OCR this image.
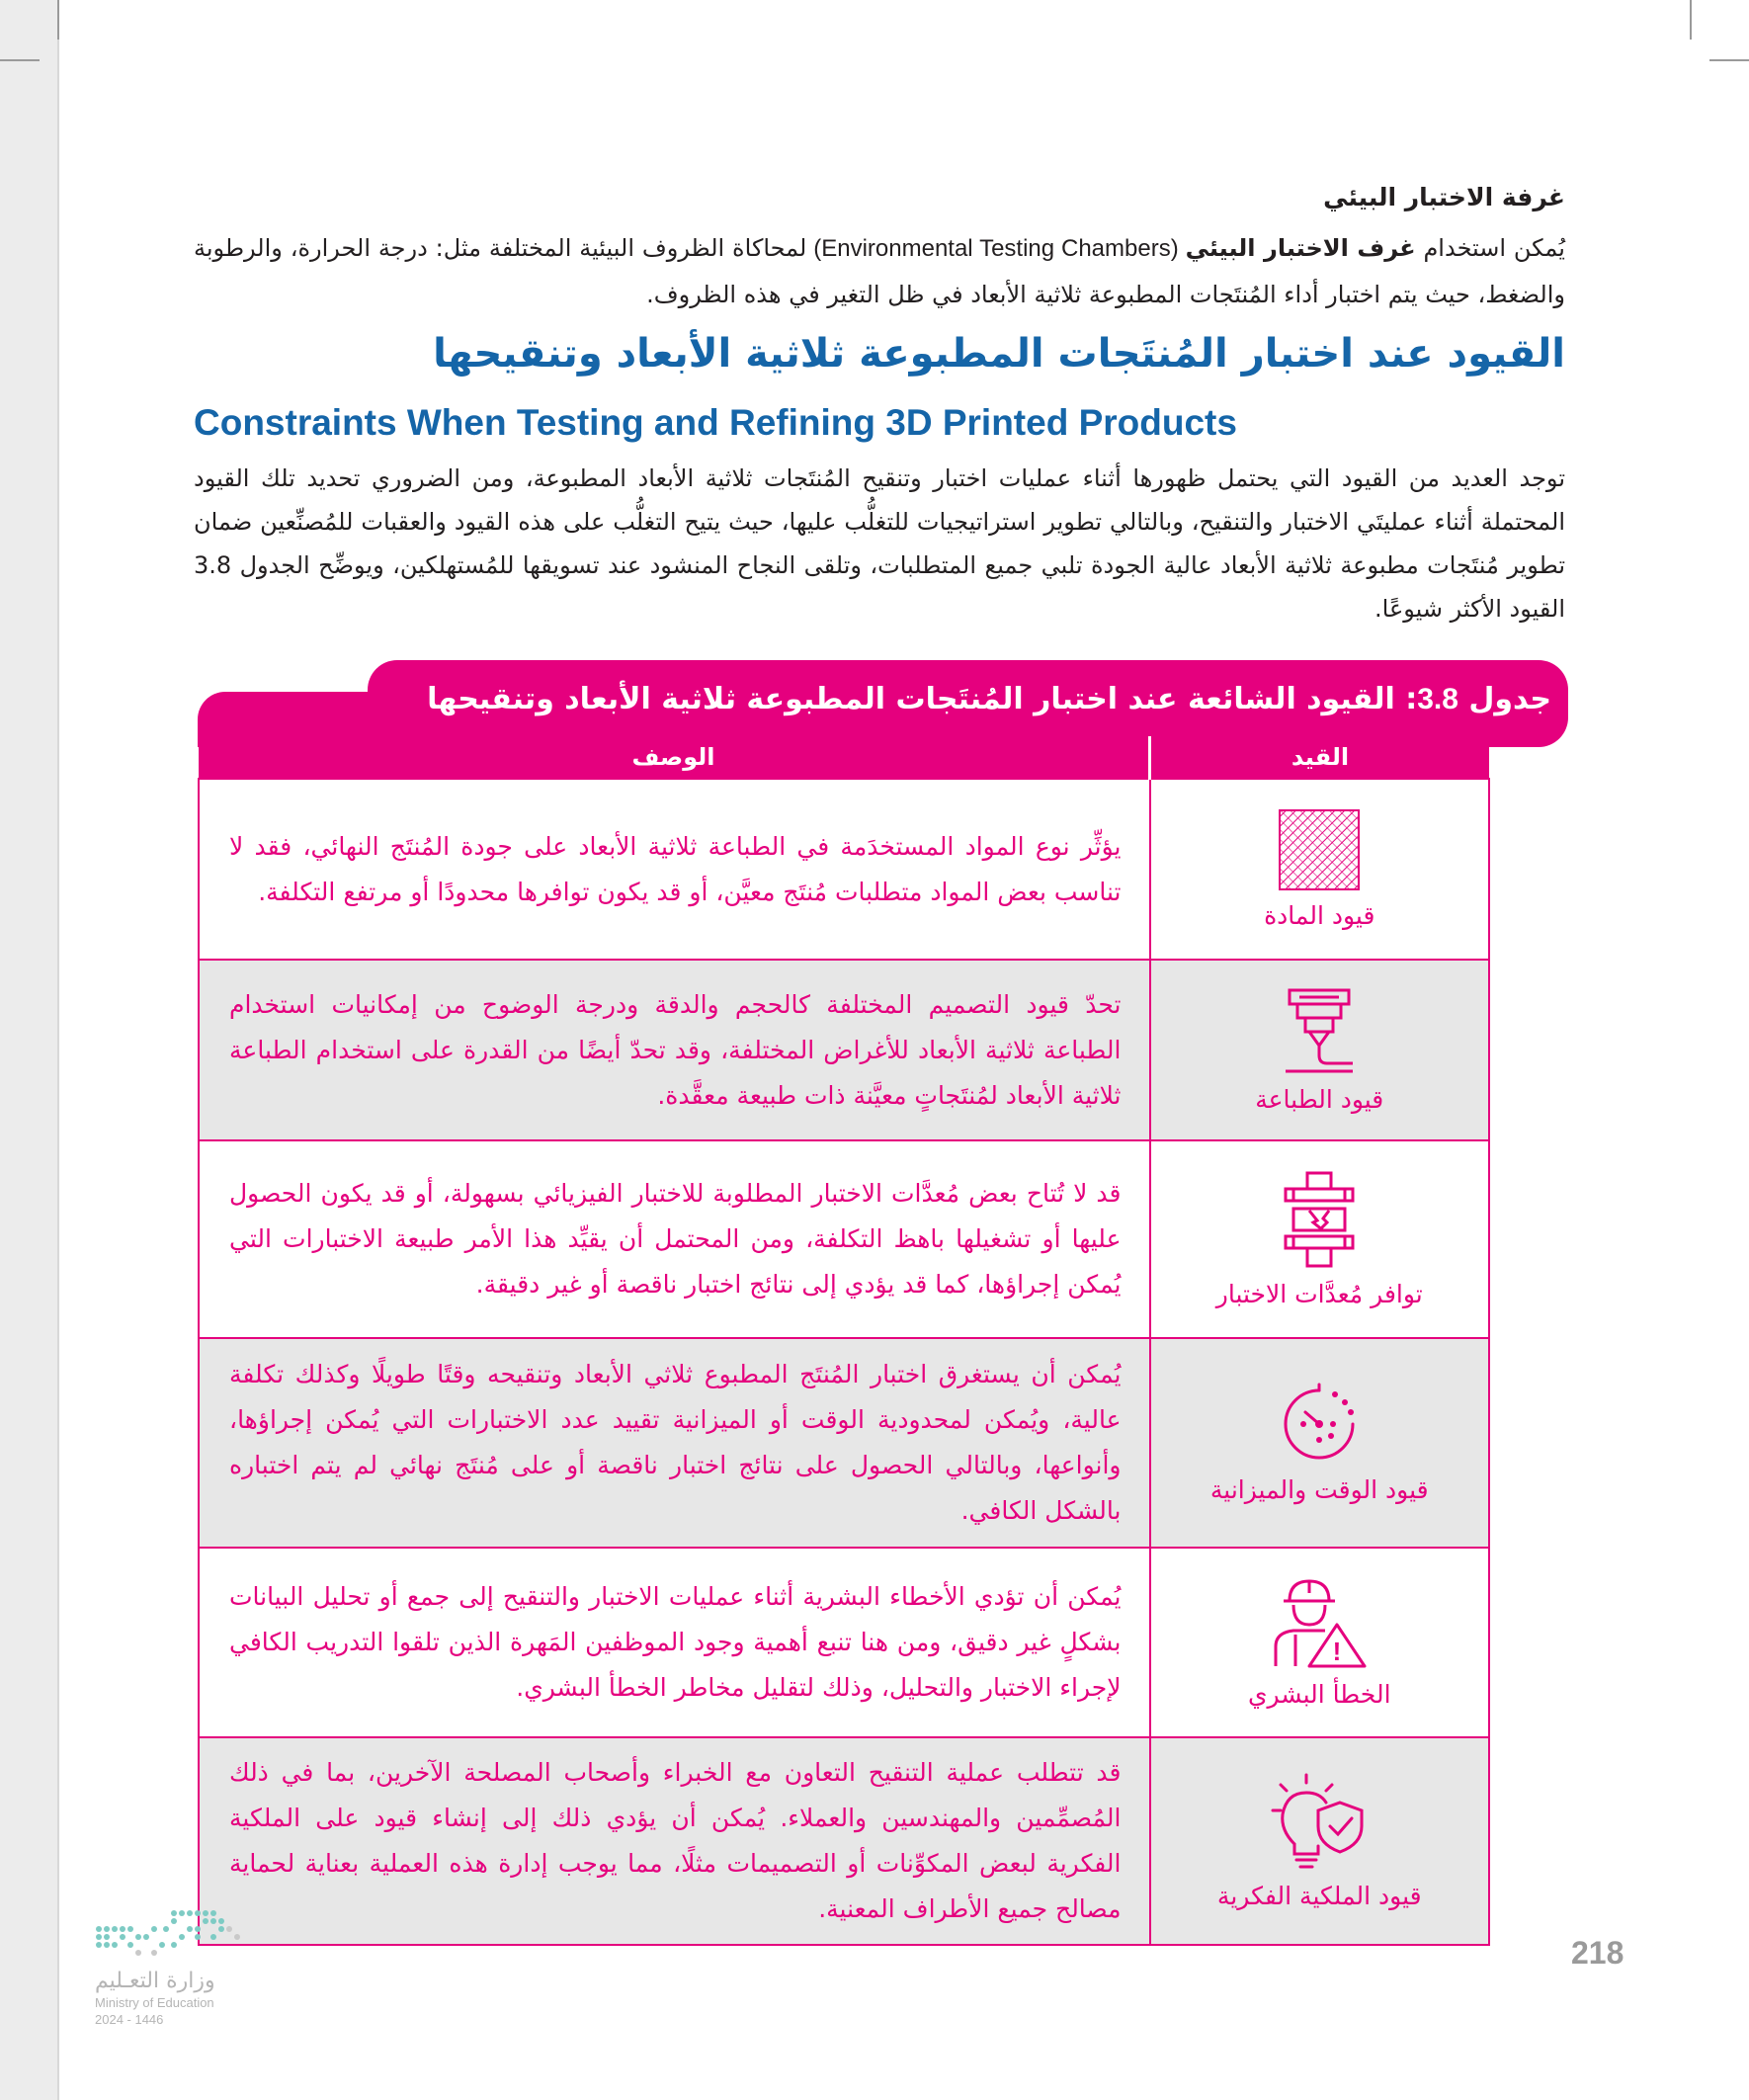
غرفة الاختبار البيئي
يُمكن استخدام غرف الاختبار البيئي (Environmental Testing Chambers) لمحاكاة الظروف البيئية المختلفة مثل: درجة الحرارة، والرطوبة والضغط، حيث يتم اختبار أداء المُنتَجات المطبوعة ثلاثية الأبعاد في ظل التغير في هذه الظروف.
القيود عند اختبار المُنتَجات المطبوعة ثلاثية الأبعاد وتنقيحها
Constraints When Testing and Refining 3D Printed Products
توجد العديد من القيود التي يحتمل ظهورها أثناء عمليات اختبار وتنقيح المُنتَجات ثلاثية الأبعاد المطبوعة، ومن الضروري تحديد تلك القيود المحتملة أثناء عمليتَي الاختبار والتنقيح، وبالتالي تطوير استراتيجيات للتغلُّب عليها، حيث يتيح التغلُّب على هذه القيود والعقبات للمُصنِّعين ضمان تطوير مُنتَجات مطبوعة ثلاثية الأبعاد عالية الجودة تلبي جميع المتطلبات، وتلقى النجاح المنشود عند تسويقها للمُستهلكين، ويوضِّح الجدول 3.8 القيود الأكثر شيوعًا.
جدول 3.8: القيود الشائعة عند اختبار المُنتَجات المطبوعة ثلاثية الأبعاد وتنقيحها
القيد	الوصف

قيود المادة	يؤثِّر نوع المواد المستخدَمة في الطباعة ثلاثية الأبعاد على جودة المُنتَج النهائي، فقد لا تناسب بعض المواد متطلبات مُنتَج معيَّن، أو قد يكون توافرها محدودًا أو مرتفع التكلفة.

قيود الطباعة	تحدّ قيود التصميم المختلفة كالحجم والدقة ودرجة الوضوح من إمكانيات استخدام الطباعة ثلاثية الأبعاد للأغراض المختلفة، وقد تحدّ أيضًا من القدرة على استخدام الطباعة ثلاثية الأبعاد لمُنتَجاتٍ معيَّنة ذات طبيعة معقَّدة.

توافر مُعدَّات الاختبار	قد لا تُتاح بعض مُعدَّات الاختبار المطلوبة للاختبار الفيزيائي بسهولة، أو قد يكون الحصول عليها أو تشغيلها باهظ التكلفة، ومن المحتمل أن يقيِّد هذا الأمر طبيعة الاختبارات التي يُمكن إجراؤها، كما قد يؤدي إلى نتائج اختبار ناقصة أو غير دقيقة.

قيود الوقت والميزانية	يُمكن أن يستغرق اختبار المُنتَج المطبوع ثلاثي الأبعاد وتنقيحه وقتًا طويلًا وكذلك تكلفة عالية، ويُمكن لمحدودية الوقت أو الميزانية تقييد عدد الاختبارات التي يُمكن إجراؤها، وأنواعها، وبالتالي الحصول على نتائج اختبار ناقصة أو على مُنتَج نهائي لم يتم اختباره بالشكل الكافي.

!
الخطأ البشري	يُمكن أن تؤدي الأخطاء البشرية أثناء عمليات الاختبار والتنقيح إلى جمع أو تحليل البيانات بشكلٍ غير دقيق، ومن هنا تنبع أهمية وجود الموظفين المَهرة الذين تلقوا التدريب الكافي لإجراء الاختبار والتحليل، وذلك لتقليل مخاطر الخطأ البشري.

قيود الملكية الفكرية	قد تتطلب عملية التنقيح التعاون مع الخبراء وأصحاب المصلحة الآخرين، بما في ذلك المُصمِّمين والمهندسين والعملاء. يُمكن أن يؤدي ذلك إلى إنشاء قيود على الملكية الفكرية لبعض المكوِّنات أو التصميمات مثلًا، مما يوجب إدارة هذه العملية بعناية لحماية مصالح جميع الأطراف المعنية.
218
وزارة التعـليم
Ministry of Education
2024 - 1446
